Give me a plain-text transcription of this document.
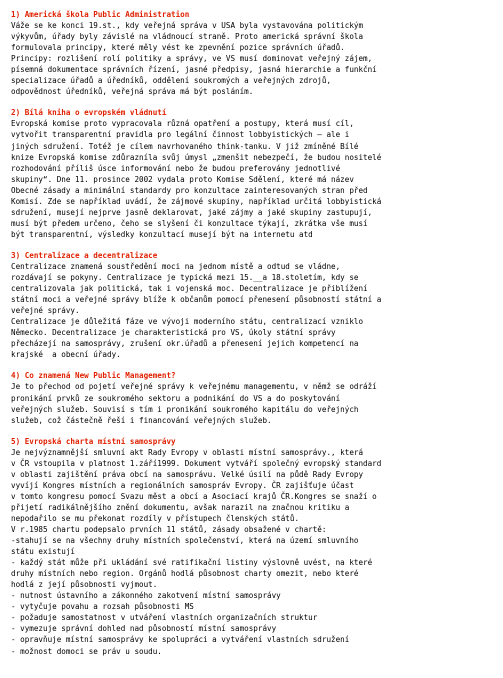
1) Americká škola Public Administration
Váže se ke konci 19.st., kdy veřejná správa v USA byla vystavována politickým
výkyvům, úřady byly závislé na vládnoucí straně. Proto americká správní škola
formulovala principy, které měly vést ke zpevnění pozice správních úřadů.
Principy: rozlišení rolí politiky a správy, ve VS musí dominovat veřejný zájem,
písemná dokumentace správních řízení, jasné předpisy, jasná hierarchie a funkční
specializace úřadů a úředníků, oddělení soukromých a veřejných zdrojů,
odpovědnost úředníků, veřejná správa má být posláním.
2) Bílá kniha o evropském vládnutí
Evropská komise proto vypracovala různá opatření a postupy, která musí cíl,
vytvořit transparentní pravidla pro legální činnost lobbyistických – ale i
jiných sdružení. Totéž je cílem navrhovaného think-tanku. V již zmíněné Bílé
knize Evropská komise zdůrazníla svůj úmysl „zmenšit nebezpečí, že budou nositelé
rozhodování příliš úsce informování nebo že budou preferovány jednotlivé
skupiny“. Dne 11. prosince 2002 vydala proto Komise Sdělení, které má název
Obecné zásady a minimální standardy pro konzultace zainteresovaných stran před
Komisí. Zde se například uvádí, že zájmové skupiny, například určitá lobbyistická
sdružení, musejí nejprve jasně deklarovat, jaké zájmy a jaké skupiny zastupují,
musí být předem určeno, čeho se slyšení či konzultace týkají, zkrátka vše musí
být transparentní, výsledky konzultací musejí být na internetu atd
3) Centralizace a decentralizace
Centralizace znamená soustředění moci na jednom místě a odtud se vládne,
rozdávají se pokyny. Centralizace je typická mezi 15.__a 18.stoletím, kdy se
centralizovala jak politická, tak i vojenská moc. Decentralizace je přiblížení
státní moci a veřejné správy blíže k občanům pomocí přenesení působností státní a
veřejné správy.
Centralizace je důležitá fáze ve vývoji moderního státu, centralizací vzniklo
Německo. Decentralizace je charakteristická pro VS, úkoly státní správy
přecházejí na samosprávy, zrušení okr.úřadů a přenesení jejich kompetencí na
krajské  a obecní úřady.
4) Co znamená New Public Management?
Je to přechod od pojetí veřejné správy k veřejnému managementu, v němž se odráží
pronikání prvků ze soukromého sektoru a podnikání do VS a do poskytování
veřejných služeb. Souvisí s tím i pronikání soukromého kapitálu do veřejných
služeb, což částečně řeší i financování veřejných služeb.
5) Evropská charta místní samosprávy
Je nejvýznamnější smluvní akt Rady Evropy v oblasti místní samosprávy., která
v ČR vstoupila v platnost 1.září1999. Dokument vytváří společný evropský standard
v oblasti zajištění práva obcí na samosprávu. Velké úsilí na půdě Rady Evropy
vyvíjí Kongres místních a regionálních samospráv Evropy. ČR zajišťuje účast
v tomto kongresu pomocí Svazu měst a obcí a Asociací krajů ČR.Kongres se snaží o
přijetí radikálnějšího znění dokumentu, avšak narazil na značnou kritiku a
nepodařilo se mu překonat rozdíly v přístupech členských států.
V r.1985 chartu podepsalo prvních 11 států, zásady obsažené v chartě:
-stahují se na všechny druhy místních společenství, která na území smluvního
státu existují
- každý stát může při ukládání své ratifikační listiny výslovně uvést, na které
druhy místních nebo region. Orgánů hodlá působnost charty omezit, nebo které
hodlá z její působnosti vyjmout.
- nutnost ústavního a zákonného zakotvení místní samosprávy
- vytyčuje povahu a rozsah působnosti MS
- požaduje samostatnost v utváření vlastních organizačních struktur
- vymezuje správní dohled nad působností místní samosprávy
- opravňuje místní samosprávy ke spolupráci a vytváření vlastních sdružení
- možnost domoci se práv u soudu.
